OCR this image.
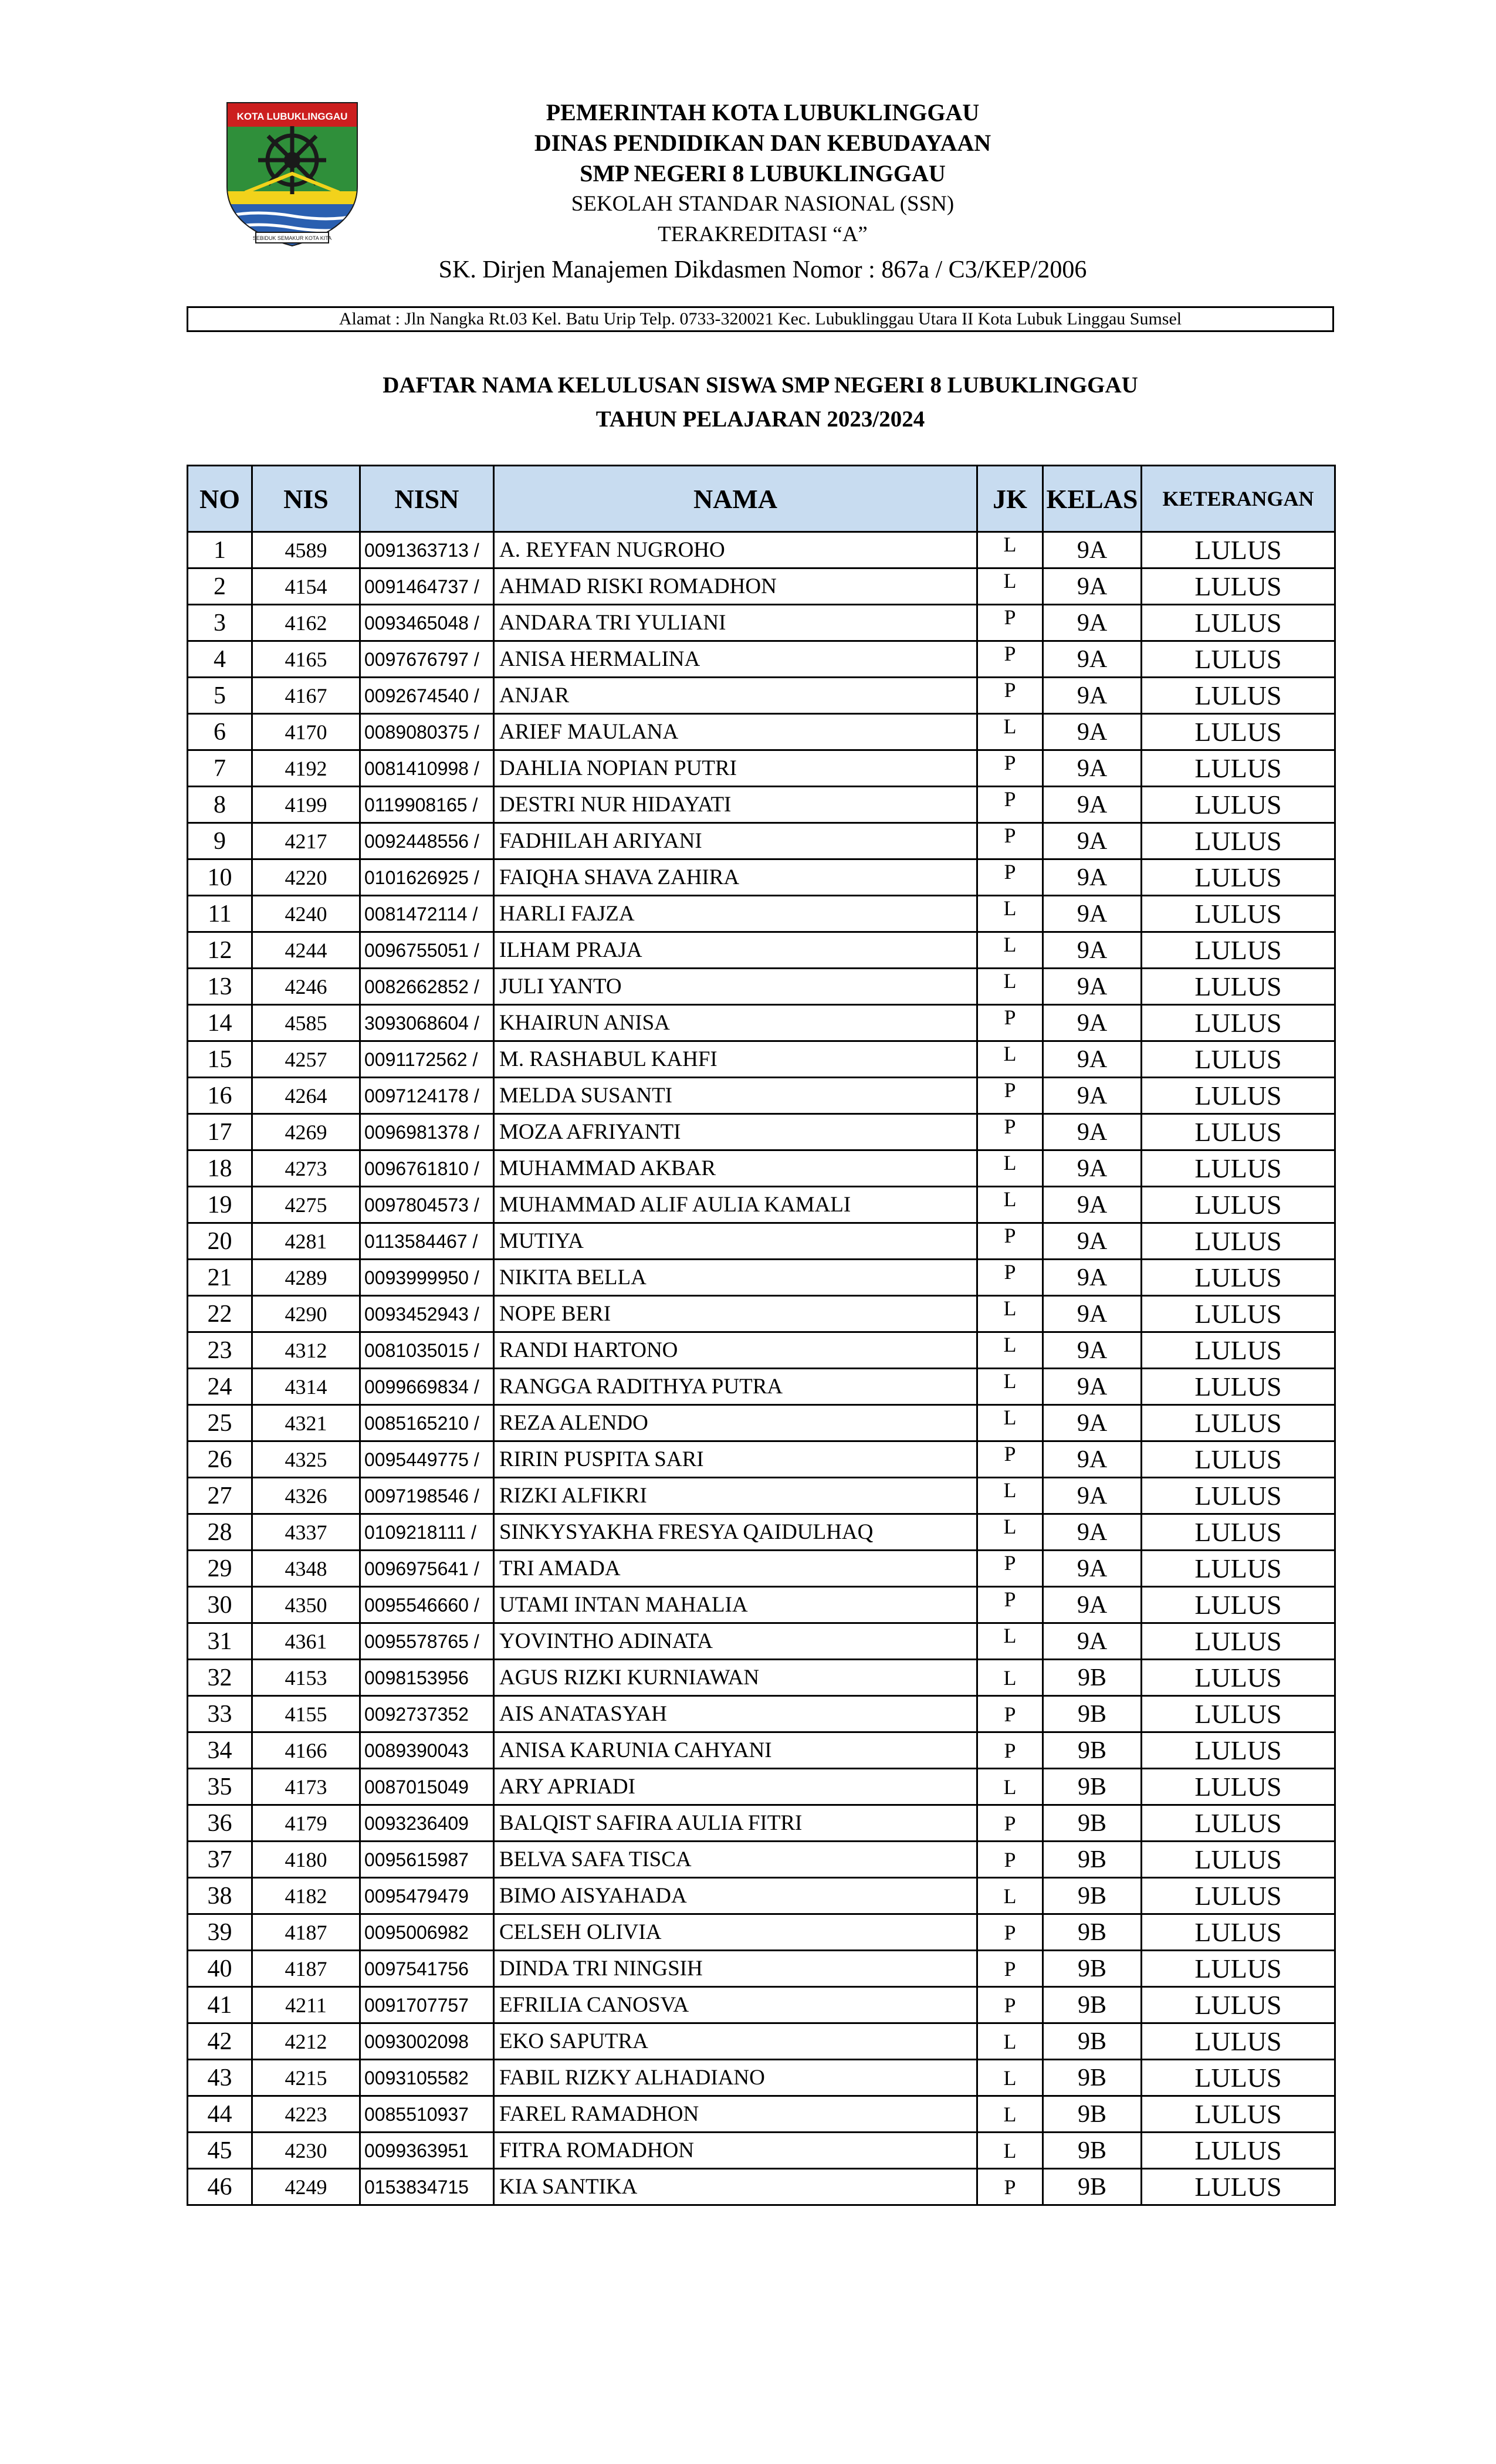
KOTA LUBUKLINGGAU
SEBIDUK SEMAKUR KOTA KITA
PEMERINTAH KOTA LUBUKLINGGAU
DINAS PENDIDIKAN DAN KEBUDAYAAN
SMP NEGERI 8 LUBUKLINGGAU
SEKOLAH STANDAR NASIONAL (SSN)
TERAKREDITASI “A”
SK. Dirjen Manajemen Dikdasmen Nomor : 867a / C3/KEP/2006
Alamat : Jln Nangka Rt.03 Kel. Batu Urip Telp. 0733-320021 Kec. Lubuklinggau Utara II Kota Lubuk Linggau Sumsel
DAFTAR NAMA KELULUSAN SISWA SMP NEGERI 8 LUBUKLINGGAU
TAHUN PELAJARAN 2023/2024
NO	NIS	NISN	NAMA	JK	KELAS	KETERANGAN
1	4589	0091363713 /	A. REYFAN NUGROHO	L	9A	LULUS
2	4154	0091464737 /	AHMAD RISKI ROMADHON	L	9A	LULUS
3	4162	0093465048 /	ANDARA TRI YULIANI	P	9A	LULUS
4	4165	0097676797 /	ANISA HERMALINA	P	9A	LULUS
5	4167	0092674540 /	ANJAR	P	9A	LULUS
6	4170	0089080375 /	ARIEF MAULANA	L	9A	LULUS
7	4192	0081410998 /	DAHLIA NOPIAN PUTRI	P	9A	LULUS
8	4199	0119908165 /	DESTRI NUR HIDAYATI	P	9A	LULUS
9	4217	0092448556 /	FADHILAH ARIYANI	P	9A	LULUS
10	4220	0101626925 /	FAIQHA SHAVA ZAHIRA	P	9A	LULUS
11	4240	0081472114 /	HARLI FAJZA	L	9A	LULUS
12	4244	0096755051 /	ILHAM PRAJA	L	9A	LULUS
13	4246	0082662852 /	JULI YANTO	L	9A	LULUS
14	4585	3093068604 /	KHAIRUN ANISA	P	9A	LULUS
15	4257	0091172562 /	M. RASHABUL KAHFI	L	9A	LULUS
16	4264	0097124178 /	MELDA SUSANTI	P	9A	LULUS
17	4269	0096981378 /	MOZA AFRIYANTI	P	9A	LULUS
18	4273	0096761810 /	MUHAMMAD AKBAR	L	9A	LULUS
19	4275	0097804573 /	MUHAMMAD ALIF AULIA KAMALI	L	9A	LULUS
20	4281	0113584467 /	MUTIYA	P	9A	LULUS
21	4289	0093999950 /	NIKITA BELLA	P	9A	LULUS
22	4290	0093452943 /	NOPE BERI	L	9A	LULUS
23	4312	0081035015 /	RANDI HARTONO	L	9A	LULUS
24	4314	0099669834 /	RANGGA RADITHYA PUTRA	L	9A	LULUS
25	4321	0085165210 /	REZA ALENDO	L	9A	LULUS
26	4325	0095449775 /	RIRIN PUSPITA SARI	P	9A	LULUS
27	4326	0097198546 /	RIZKI ALFIKRI	L	9A	LULUS
28	4337	0109218111 /	SINKYSYAKHA FRESYA QAIDULHAQ	L	9A	LULUS
29	4348	0096975641 /	TRI AMADA	P	9A	LULUS
30	4350	0095546660 /	UTAMI INTAN MAHALIA	P	9A	LULUS
31	4361	0095578765 /	YOVINTHO ADINATA	L	9A	LULUS
32	4153	0098153956	AGUS RIZKI KURNIAWAN	L	9B	LULUS
33	4155	0092737352	AIS ANATASYAH	P	9B	LULUS
34	4166	0089390043	ANISA KARUNIA CAHYANI	P	9B	LULUS
35	4173	0087015049	ARY APRIADI	L	9B	LULUS
36	4179	0093236409	BALQIST SAFIRA AULIA FITRI	P	9B	LULUS
37	4180	0095615987	BELVA SAFA TISCA	P	9B	LULUS
38	4182	0095479479	BIMO AISYAHADA	L	9B	LULUS
39	4187	0095006982	CELSEH OLIVIA	P	9B	LULUS
40	4187	0097541756	DINDA TRI NINGSIH	P	9B	LULUS
41	4211	0091707757	EFRILIA CANOSVA	P	9B	LULUS
42	4212	0093002098	EKO SAPUTRA	L	9B	LULUS
43	4215	0093105582	FABIL RIZKY ALHADIANO	L	9B	LULUS
44	4223	0085510937	FAREL RAMADHON	L	9B	LULUS
45	4230	0099363951	FITRA ROMADHON	L	9B	LULUS
46	4249	0153834715	KIA SANTIKA	P	9B	LULUS
